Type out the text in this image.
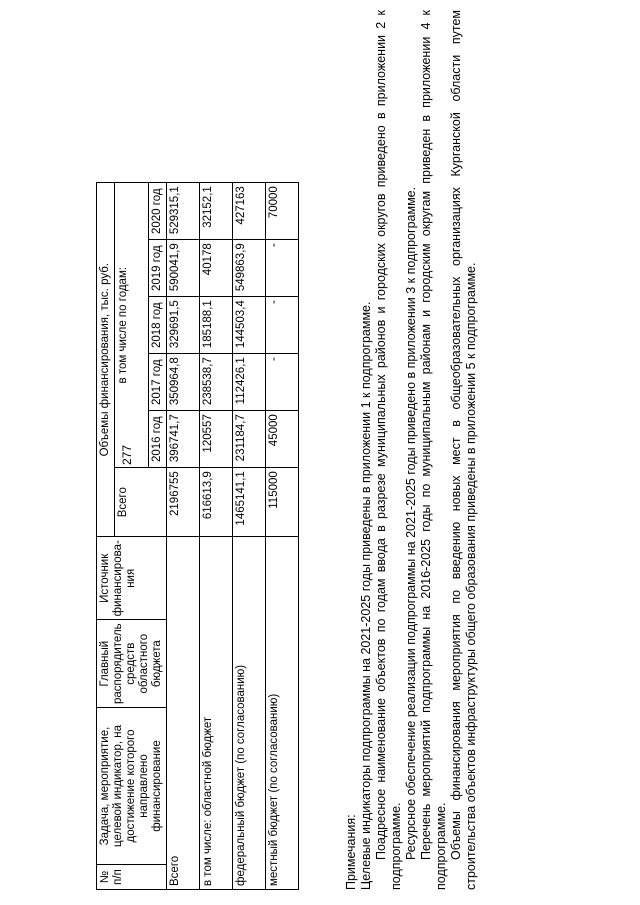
277
№ п/п	Задача, мероприятие, целевой индикатор, на достижение которого направлено финансирование	Главный распорядитель средств областного бюджета	Источник финансирова-ния	Объемы финансирования, тыс. руб.					
				Всего	в том числе по годам:				
					2016 год	2017 год	2018 год	2019 год	2020 год
Всего				2196755	396741,7	350964,8	329691,5	590041,9	529315,1
в том числе: областной бюджет				616613,9	120557	238538,7	185188,1	40178	32152,1
федеральный бюджет (по согласованию)				1465141,1	231184,7	112426,1	144503,4	549863,9	427163
местный бюджет (по согласованию)				115000	45000	-	-	-	70000

Примечания: Целевые индикаторы подпрограммы на 2021-2025 годы приведены в приложении 1 к подпрограмме. Поадресное наименование объектов по годам ввода в разрезе муниципальных районов и городских округов приведено в приложении 2 к подпрограмме. Ресурсное обеспечение реализации подпрограммы на 2021-2025 годы приведено в приложении 3 к подпрограмме. Перечень мероприятий подпрограммы на 2016-2025 годы по муниципальным районам и городским округам приведен в приложении 4 к подпрограмме. Объемы финансирования мероприятия по введению новых мест в общеобразовательных организациях Курганской области путем строительства объектов инфраструктуры общего образования приведены в приложении 5 к подпрограмме.
